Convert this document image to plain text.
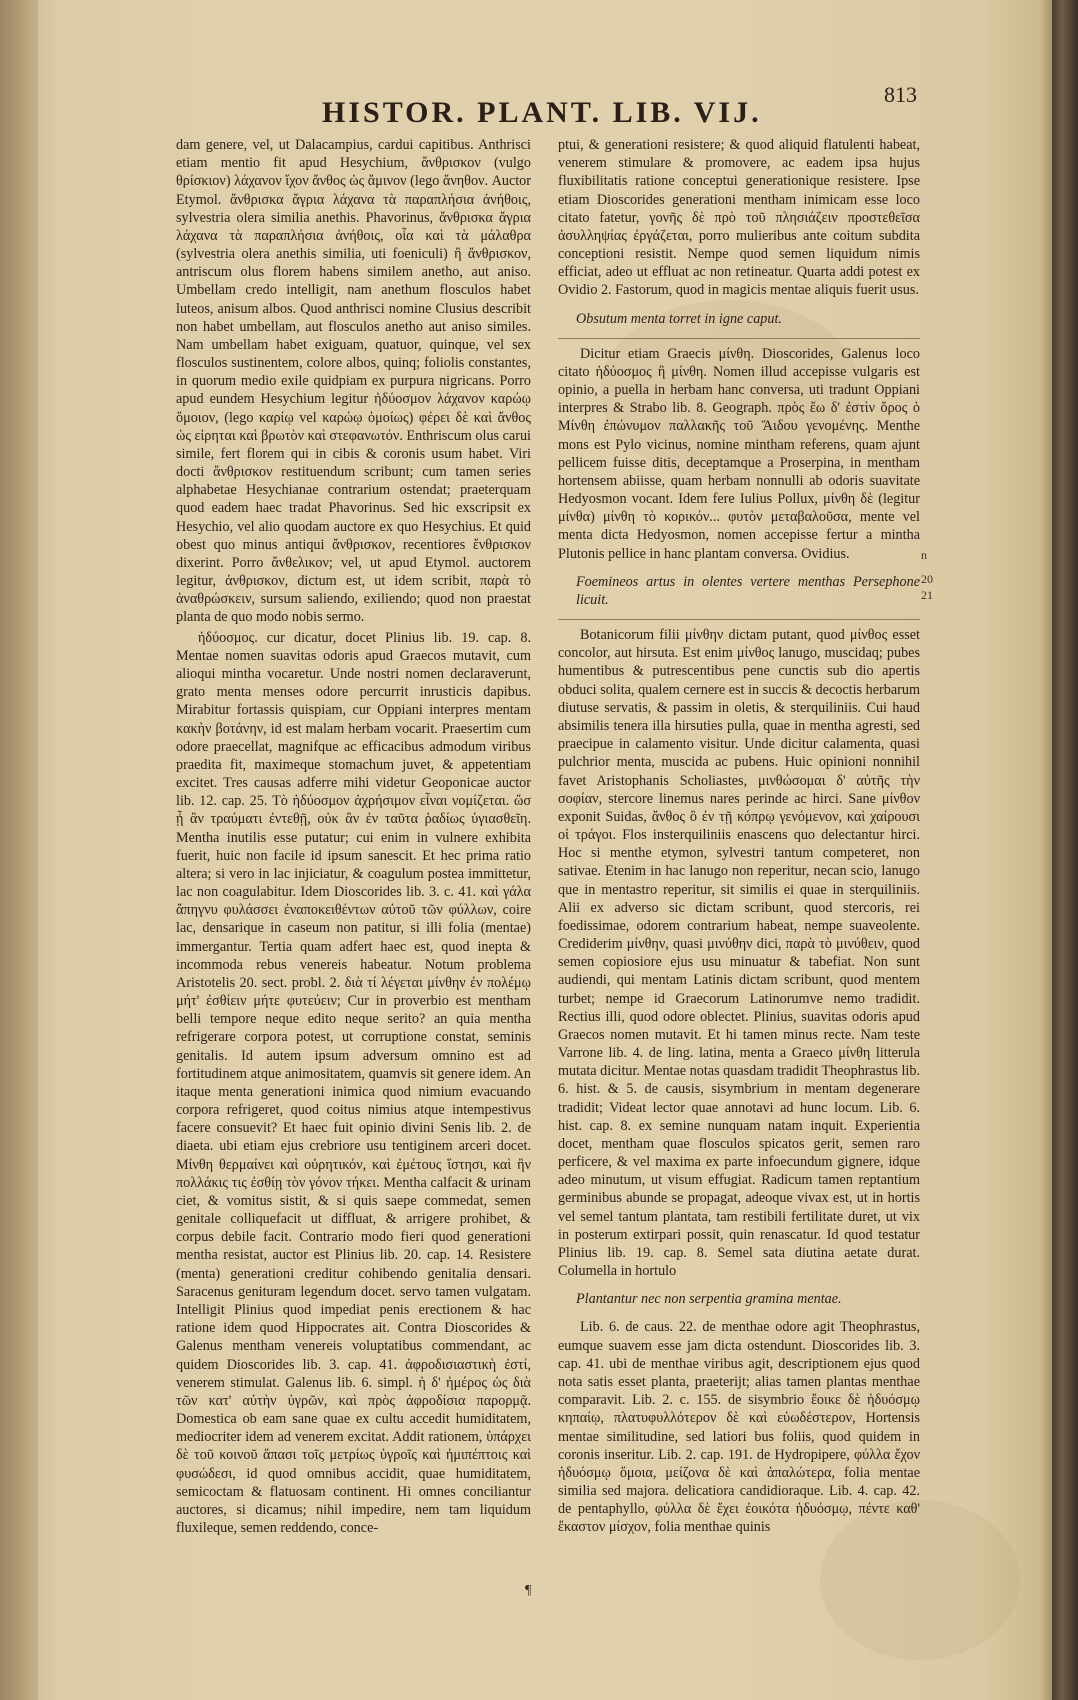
HISTOR. PLANT. LIB. VIJ.
813

dam genere, vel, ut Dalacampius, cardui capitibus. Anthrisci etiam mentio fit apud Hesychium, ἄνθρισκον (vulgo θρίσκιον) λάχανον ἴχον ἄνθος ὡς ἄμινον (lego ἄνηθον. Auctor Etymol. ἄνθρισκα ἄγρια λάχανα τὰ παραπλήσια ἀνήθοις, sylvestria olera similia anethis. Phavorinus, ἄνθρισκα ἄγρια λάχανα τὰ παραπλήσια ἀνήθοις, οἷα καὶ τὰ μάλαθρα (sylvestria olera anethis similia, uti foeniculi) ἢ ἄνθρισκον, antriscum olus florem habens similem anetho, aut aniso. Umbellam credo intelligit, nam anethum flosculos habet luteos, anisum albos. Quod anthrisci nomine Clusius describit non habet umbellam, aut flosculos anetho aut aniso similes. Nam umbellam habet exiguam, quatuor, quinque, vel sex flosculos sustinentem, colore albos, quinq; foliolis constantes, in quorum medio exile quidpiam ex purpura nigricans. Porro apud eundem Hesychium legitur ἠδύοσμον λάχανον καρώῳ ὅμοιον, (lego καρίῳ vel καρώῳ ὁμοίως) φέρει δὲ καὶ ἄνθος ὡς εἰρηται καὶ βρωτὸν καὶ στεφανωτόν. Enthriscum olus carui simile, fert florem qui in cibis & coronis usum habet. Viri docti ἄνθρισκον restituendum scribunt; cum tamen series alphabetae Hesychianae contrarium ostendat; praeterquam quod eadem haec tradat Phavorinus. Sed hic exscripsit ex Hesychio, vel alio quodam auctore ex quo Hesychius. Et quid obest quo minus antiqui ἄνθρισκον, recentiores ἔνθρισκον dixerint. Porro ἄνθελικον; vel, ut apud Etymol. auctorem legitur, ἀνθρισκον, dictum est, ut idem scribit, παρὰ τὸ ἀναθρώσκειν, sursum saliendo, exiliendo; quod non praestat planta de quo modo nobis sermo.

ἡδύοσμος. cur dicatur, docet Plinius lib. 19. cap. 8. Mentae nomen suavitas odoris apud Graecos mutavit, cum alioqui mintha vocaretur. Unde nostri nomen declaraverunt, grato menta menses odore percurrit inrusticis dapibus. Mirabitur fortassis quispiam, cur Oppiani interpres mentam κακὴν βοτάνην, id est malam herbam vocarit. Praesertim cum odore praecellat, magnifque ac efficacibus admodum viribus praedita fit, maximeque stomachum juvet, & appetentiam excitet. Tres causas adferre mihi videtur Geoponicae auctor lib. 12. cap. 25. Τὸ ἡδύοσμον ἀχρήσιμον εἶναι νομίζεται. ὥσ ᾖ ἂν τραύματι ἐντεθῇ, οὐκ ἂν ἐν ταῦτα ῥαδίως ὑγιασθεῖη. Mentha inutilis esse putatur; cui enim in vulnere exhibita fuerit, huic non facile id ipsum sanescit. Et hec prima ratio altera; si vero in lac injiciatur, & coagulum postea immittetur, lac non coagulabitur. Idem Dioscorides lib. 3. c. 41. καὶ γάλα ἄπηγνυ φυλάσσει ἐναποκειθέντων αὐτοῦ τῶν φύλλων, coire lac, densarique in caseum non patitur, si illi folia (mentae) immergantur. Tertia quam adfert haec est, quod inepta & incommoda rebus venereis habeatur. Notum problema Aristotelis 20. sect. probl. 2. διὰ τί λέγεται μίνθην ἐν πολέμῳ μήτ' ἐσθίειν μήτε φυτεύειν; Cur in proverbio est mentham belli tempore neque edito neque serito? an quia mentha refrigerare corpora potest, ut corruptione constat, seminis genitalis. Id autem ipsum adversum omnino est ad fortitudinem atque animositatem, quamvis sit genere idem. An itaque menta generationi inimica quod nimium evacuando corpora refrigeret, quod coitus nimius atque intempestivus facere consuevit? Et haec fuit opinio divini Senis lib. 2. de diaeta. ubi etiam ejus crebriore usu tentiginem arceri docet. Μίνθη θερμαίνει καὶ οὐρητικόν, καὶ ἐμέτους ἵστησι, καὶ ἢν πολλάκις τις ἐσθίῃ τὸν γόνον τήκει. Mentha calfacit & urinam ciet, & vomitus sistit, & si quis saepe commedat, semen genitale colliquefacit ut diffluat, & arrigere prohibet, & corpus debile facit. Contrario modo fieri quod generationi mentha resistat, auctor est Plinius lib. 20. cap. 14. Resistere (menta) generationi creditur cohibendo genitalia densari. Saracenus genituram legendum docet. servo tamen vulgatam. Intelligit Plinius quod impediat penis erectionem & hac ratione idem quod Hippocrates ait. Contra Dioscorides & Galenus mentham venereis voluptatibus commendant, ac quidem Dioscorides lib. 3. cap. 41. ἀφροδισιαστικὴ ἐστί, venerem stimulat. Galenus lib. 6. simpl. ἡ δ' ἡμέρος ὡς διὰ τῶν κατ' αὐτὴν ὑγρῶν, καὶ πρὸς ἀφροδίσια παρορμᾷ. Domestica ob eam sane quae ex cultu accedit humiditatem, mediocriter idem ad venerem excitat. Addit rationem, ὑπάρχει δὲ τοῦ κοινοῦ ἅπασι τοῖς μετρίως ὑγροῖς καὶ ἡμιπέπτοις καὶ φυσώδεσι, id quod omnibus accidit, quae humiditatem, semicoctam & flatuosam continent. Hi omnes conciliantur auctores, si dicamus; nihil impedire, nem tam liquidum fluxileque, semen reddendo, conce-

ptui, & generationi resistere; & quod aliquid flatulenti habeat, venerem stimulare & promovere, ac eadem ipsa hujus fluxibilitatis ratione conceptui generationique resistere. Ipse etiam Dioscorides generationi mentham inimicam esse loco citato fatetur, γονῆς δὲ πρὸ τοῦ πλησιάζειν προστεθεῖσα ἀσυλληψίας ἐργάζεται, porro mulieribus ante coitum subdita conceptioni resistit. Nempe quod semen liquidum nimis efficiat, adeo ut effluat ac non retineatur. Quarta addi potest ex Ovidio 2. Fastorum, quod in magicis mentae aliquis fuerit usus.

Obsutum menta torret in igne caput.

Dicitur etiam Graecis μίνθη. Dioscorides, Galenus loco citato ἡδύοσμος ἢ μίνθη. Nomen illud accepisse vulgaris est opinio, a puella in herbam hanc conversa, uti tradunt Oppiani interpres & Strabo lib. 8. Geograph. πρὸς ἕω δ' ἐστὶν ὄρος ὁ Μίνθη ἐπώνυμον παλλακῆς τοῦ Ἅιδου γενομένης. Menthe mons est Pylo vicinus, nomine mintham referens, quam ajunt pellicem fuisse ditis, deceptamque a Proserpina, in mentham hortensem abiisse, quam herbam nonnulli ab odoris suavitate Hedyosmon vocant. Idem fere Iulius Pollux, μίνθη δὲ (legitur μίνθα) μίνθη τὸ κορικόν... φυτὸν μεταβαλοῦσα, mente vel menta dicta Hedyosmon, nomen accepisse fertur a mintha Plutonis pellice in hanc plantam conversa. Ovidius.

Foemineos artus in olentes vertere menthas Persephone licuit.

Botanicorum filii μίνθην dictam putant, quod μίνθος esset concolor, aut hirsuta. Est enim μίνθος lanugo, muscidaq; pubes humentibus & putrescentibus pene cunctis sub dio apertis obduci solita, qualem cernere est in succis & decoctis herbarum diutuse servatis, & passim in oletis, & sterquiliniis. Cui haud absimilis tenera illa hirsuties pulla, quae in mentha agresti, sed praecipue in calamento visitur. Unde dicitur calamenta, quasi pulchrior menta, muscida ac pubens. Huic opinioni nonnihil favet Aristophanis Scholiastes, μινθώσομαι δ' αὐτῆς τὴν σοφίαν, stercore linemus nares perinde ac hirci. Sane μίνθον exponit Suidas, ἄνθος ὃ ἐν τῇ κόπρῳ γενόμενον, καὶ χαίρουσι οἱ τράγοι. Flos insterquiliniis enascens quo delectantur hirci. Hoc si menthe etymon, sylvestri tantum competeret, non sativae. Etenim in hac lanugo non reperitur, necan scio, lanugo que in mentastro reperitur, sit similis ei quae in sterquiliniis. Alii ex adverso sic dictam scribunt, quod stercoris, rei foedissimae, odorem contrarium habeat, nempe suaveolente. Crediderim μίνθην, quasi μινύθην dici, παρὰ τὸ μινύθειν, quod semen copiosiore ejus usu minuatur & tabefiat. Non sunt audiendi, qui mentam Latinis dictam scribunt, quod mentem turbet; nempe id Graecorum Latinorumve nemo tradidit. Rectius illi, quod odore oblectet. Plinius, suavitas odoris apud Graecos nomen mutavit. Et hi tamen minus recte. Nam teste Varrone lib. 4. de ling. latina, menta a Graeco μίνθη litterula mutata dicitur. Mentae notas quasdam tradidit Theophrastus lib. 6. hist. & 5. de causis, sisymbrium in mentam degenerare tradidit; Videat lector quae annotavi ad hunc locum. Lib. 6. hist. cap. 8. ex semine nunquam natam inquit. Experientia docet, mentham quae flosculos spicatos gerit, semen raro perficere, & vel maxima ex parte infoecundum gignere, idque adeo minutum, ut visum effugiat. Radicum tamen reptantium germinibus abunde se propagat, adeoque vivax est, ut in hortis vel semel tantum plantata, tam restibili fertilitate duret, ut vix in posterum extirpari possit, quin renascatur. Id quod testatur Plinius lib. 19. cap. 8. Semel sata diutina aetate durat. Columella in hortulo

Plantantur nec non serpentia gramina mentae.

Lib. 6. de caus. 22. de menthae odore agit Theophrastus, eumque suavem esse jam dicta ostendunt. Dioscorides lib. 3. cap. 41. ubi de menthae viribus agit, descriptionem ejus quod nota satis esset planta, praeterijt; alias tamen plantas menthae comparavit. Lib. 2. c. 155. de sisymbrio ἔοικε δὲ ἡδυόσμῳ κηπαίῳ, πλατυφυλλότερον δὲ καὶ εὐωδέστερον, Hortensis mentae similitudine, sed latiori bus foliis, quod quidem in coronis inseritur. Lib. 2. cap. 191. de Hydropipere, φύλλα ἔχον ἡδυόσμῳ ὅμοια, μείζονα δὲ καὶ ἁπαλώτερα, folia mentae similia sed majora. delicatiora candidioraque. Lib. 4. cap. 42. de pentaphyllo, φύλλα δὲ ἔχει ἐοικότα ἡδυόσμῳ, πέντε καθ' ἕκαστον μίσχον, folia menthae quinis

n
20
21
¶
